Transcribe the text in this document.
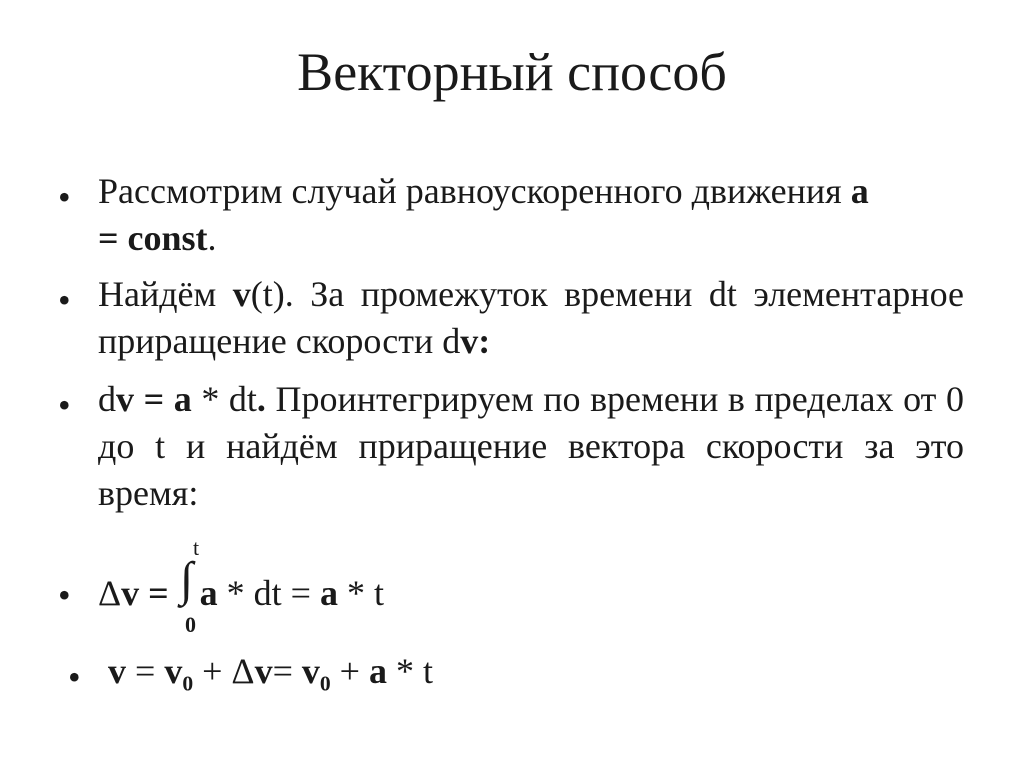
Векторный способ
• Рассмотрим случай равноускоренного движения a
= const.
• Найдём v(t). За промежуток времени dt элементарное приращение скорости dv:
• dv = a * dt. Проинтегрируем по времени в пределах от 0 до t и найдём приращение вектора скорости за это время:
• Δv = a * dt = a * t
∫
t
0
• $v = v_0 + \Delta v= v_0 + a * t$
